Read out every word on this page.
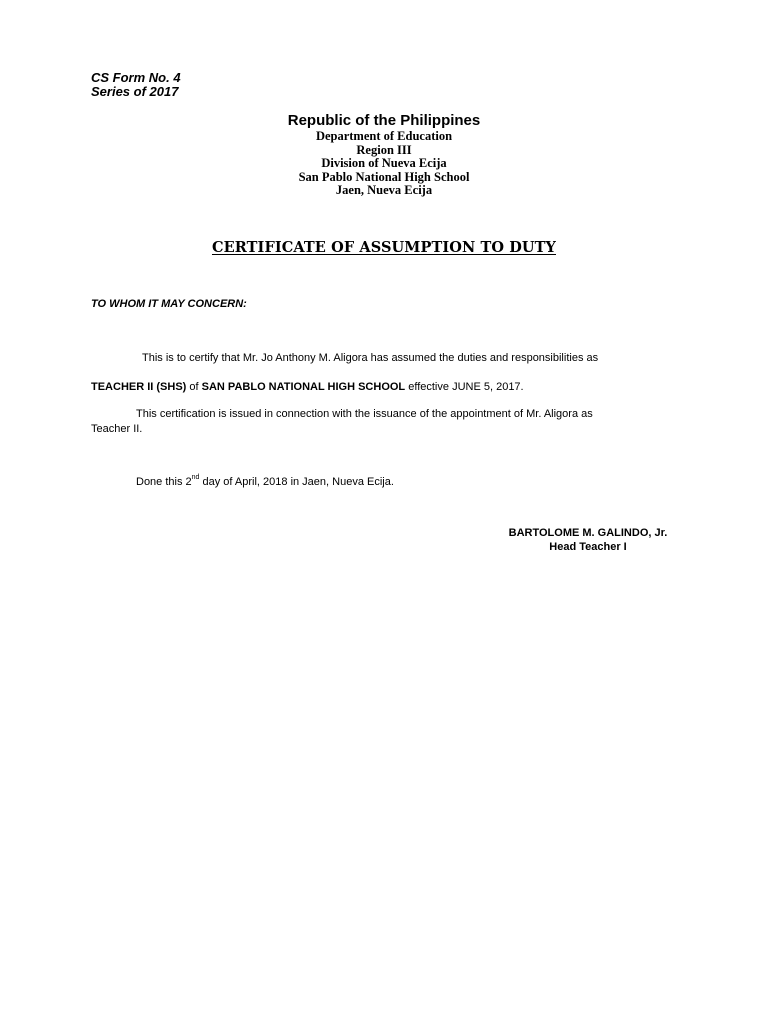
CS Form No. 4
Series of 2017
Republic of the Philippines
Department of Education
Region III
Division of Nueva Ecija
San Pablo National High School
Jaen, Nueva Ecija
CERTIFICATE OF ASSUMPTION TO DUTY
TO WHOM IT MAY CONCERN:
This is to certify that Mr. Jo Anthony M. Aligora has assumed the duties and responsibilities as
TEACHER II (SHS) of SAN PABLO NATIONAL HIGH SCHOOL effective JUNE 5, 2017.
This certification is issued in connection with the issuance of the appointment of Mr. Aligora as
Teacher II.
Done this 2nd day of April, 2018 in Jaen, Nueva Ecija.
BARTOLOME M. GALINDO, Jr.
Head Teacher I
